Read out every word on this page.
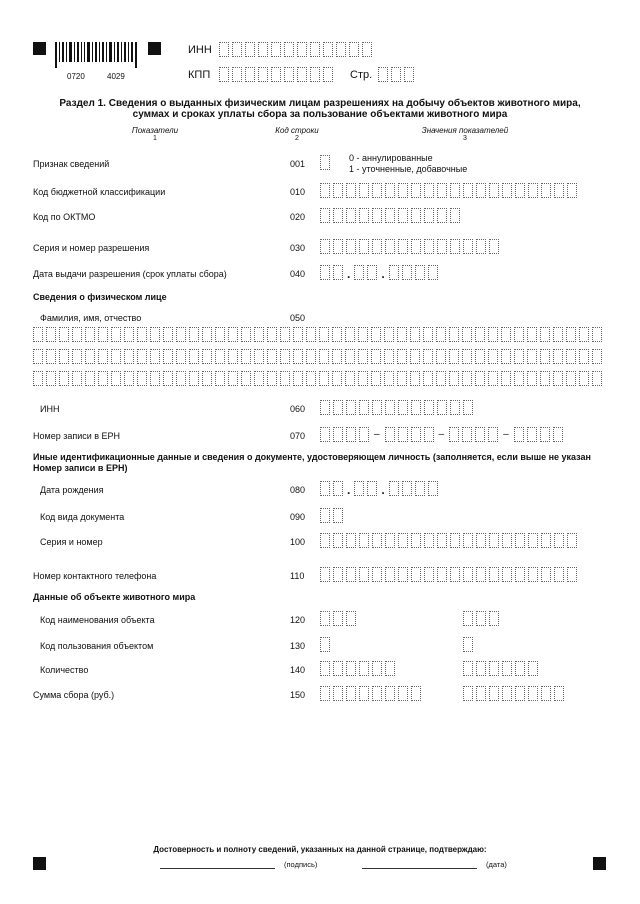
0720	4029
ИНН
КПП	Стр.
Раздел 1. Сведения о выданных физическим лицам разрешениях на добычу объектов животного мира,
суммах и сроках уплаты сбора за пользование объектами животного мира
Показатели
1
Код строки
2
Значения показателей
3
Признак сведений	001
0 - аннулированные
1 - уточненные, добавочные
Код бюджетной классификации	010
Код по ОКТМО	020
Серия и номер разрешения	030
Дата выдачи разрешения (срок уплаты сбора)	040	.	.
Сведения о физическом лице
Фамилия, имя, отчество	050
ИНН	060
Номер записи в ЕРН	070	–	–	–
Иные идентификационные данные и сведения о документе, удостоверяющем личность (заполняется, если выше не указан
Номер записи в ЕРН)
Дата рождения	080	.	.
Код вида документа	090
Серия и номер	100
Номер контактного телефона	110
Данные об объекте животного мира
Код наименования объекта	120
Код пользования объектом	130
Количество	140
Сумма сбора (руб.)	150
Достоверность и полноту сведений, указанных на данной странице, подтверждаю:
(подпись)	(дата)
